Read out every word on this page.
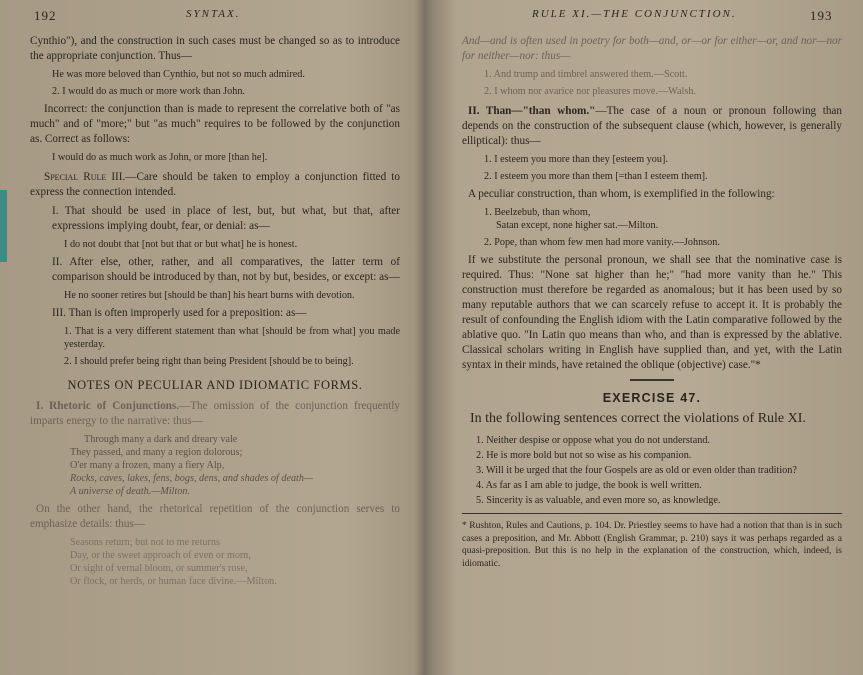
192	SYNTAX.

Cynthio"), and the construction in such cases must be changed so as to introduce the appropriate conjunction. Thus—

He was more beloved than Cynthio, but not so much admired.

2. I would do as much or more work than John.

Incorrect: the conjunction than is made to represent the correlative both of "as much" and of "more;" but "as much" requires to be followed by the conjunction as. Correct as follows:

I would do as much work as John, or more [than he].

Special Rule III.—Care should be taken to employ a conjunction fitted to express the connection intended.

I. That should be used in place of lest, but, but what, but that, after expressions implying doubt, fear, or denial: as—

I do not doubt that [not but that or but what] he is honest.

II. After else, other, rather, and all comparatives, the latter term of comparison should be introduced by than, not by but, besides, or except: as—

He no sooner retires but [should be than] his heart burns with devotion.

III. Than is often improperly used for a preposition: as—

1. That is a very different statement than what [should be from what] you made yesterday.

2. I should prefer being right than being President [should be to being].

NOTES ON PECULIAR AND IDIOMATIC FORMS.

I. Rhetoric of Conjunctions.—The omission of the conjunction frequently imparts energy to the narrative: thus—

Through many a dark and dreary vale
They passed, and many a region dolorous;
O'er many a frozen, many a fiery Alp,
Rocks, caves, lakes, fens, bogs, dens, and shades of death—
A universe of death.—Milton.

On the other hand, the rhetorical repetition of the conjunction serves to emphasize details: thus—

Seasons return; but not to me returns
Day, or the sweet approach of even or morn,
Or sight of vernal bloom, or summer's rose,
Or flock, or herds, or human face divine.—Milton.
RULE XI.—THE CONJUNCTION.	193

And—and is often used in poetry for both—and, or—or for either—or, and nor—nor for neither—nor: thus—

1. And trump and timbrel answered them.—Scott.

2. I whom nor avarice nor pleasures move.—Walsh.

II. Than—"than whom."—The case of a noun or pronoun following than depends on the construction of the subsequent clause (which, however, is generally elliptical): thus—

1. I esteem you more than they [esteem you].

2. I esteem you more than them [=than I esteem them].

A peculiar construction, than whom, is exemplified in the following:

1. Beelzebub, than whom,

Satan except, none higher sat.—Milton.

2. Pope, than whom few men had more vanity.—Johnson.

If we substitute the personal pronoun, we shall see that the nominative case is required. Thus: "None sat higher than he;" "had more vanity than he." This construction must therefore be regarded as anomalous; but it has been used by so many reputable authors that we can scarcely refuse to accept it. It is probably the result of confounding the English idiom with the Latin comparative followed by the ablative quo. "In Latin quo means than who, and than is expressed by the ablative. Classical scholars writing in English have supplied than, and yet, with the Latin syntax in their minds, have retained the oblique (objective) case."*

EXERCISE 47.
In the following sentences correct the violations of Rule XI.

1. Neither despise or oppose what you do not understand.

2. He is more bold but not so wise as his companion.

3. Will it be urged that the four Gospels are as old or even older than tradition?

4. As far as I am able to judge, the book is well written.

5. Sincerity is as valuable, and even more so, as knowledge.

* Rushton, Rules and Cautions, p. 104. Dr. Priestley seems to have had a notion that than is in such cases a preposition, and Mr. Abbott (English Grammar, p. 210) says it was perhaps regarded as a quasi-preposition. But this is no help in the explanation of the construction, which, indeed, is idiomatic.
